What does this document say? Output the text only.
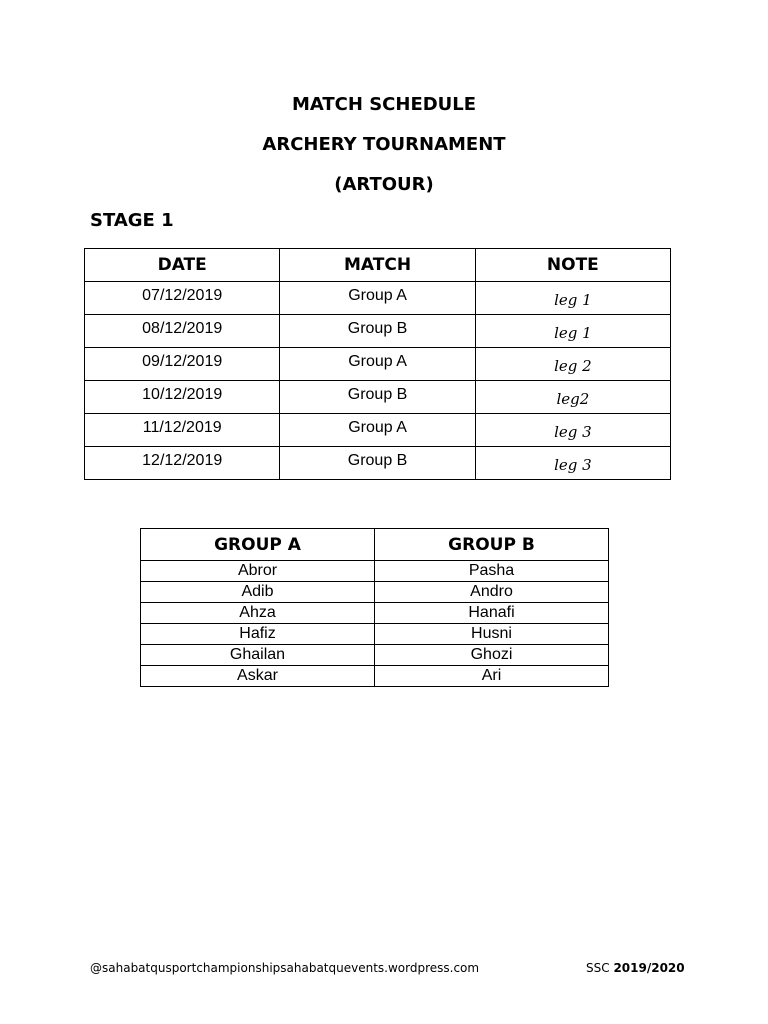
MATCH SCHEDULE
ARCHERY TOURNAMENT
(ARTOUR)
STAGE 1
DATE	MATCH	NOTE
07/12/2019	Group A	leg 1
08/12/2019	Group B	leg 1
09/12/2019	Group A	leg 2
10/12/2019	Group B	leg2
11/12/2019	Group A	leg 3
12/12/2019	Group B	leg 3
GROUP A	GROUP B
Abror	Pasha
Adib	Andro
Ahza	Hanafi
Hafiz	Husni
Ghailan	Ghozi
Askar	Ari
@sahabatqusportchampionshipsahabatquevents.wordpress.com	SSC 2019/2020
